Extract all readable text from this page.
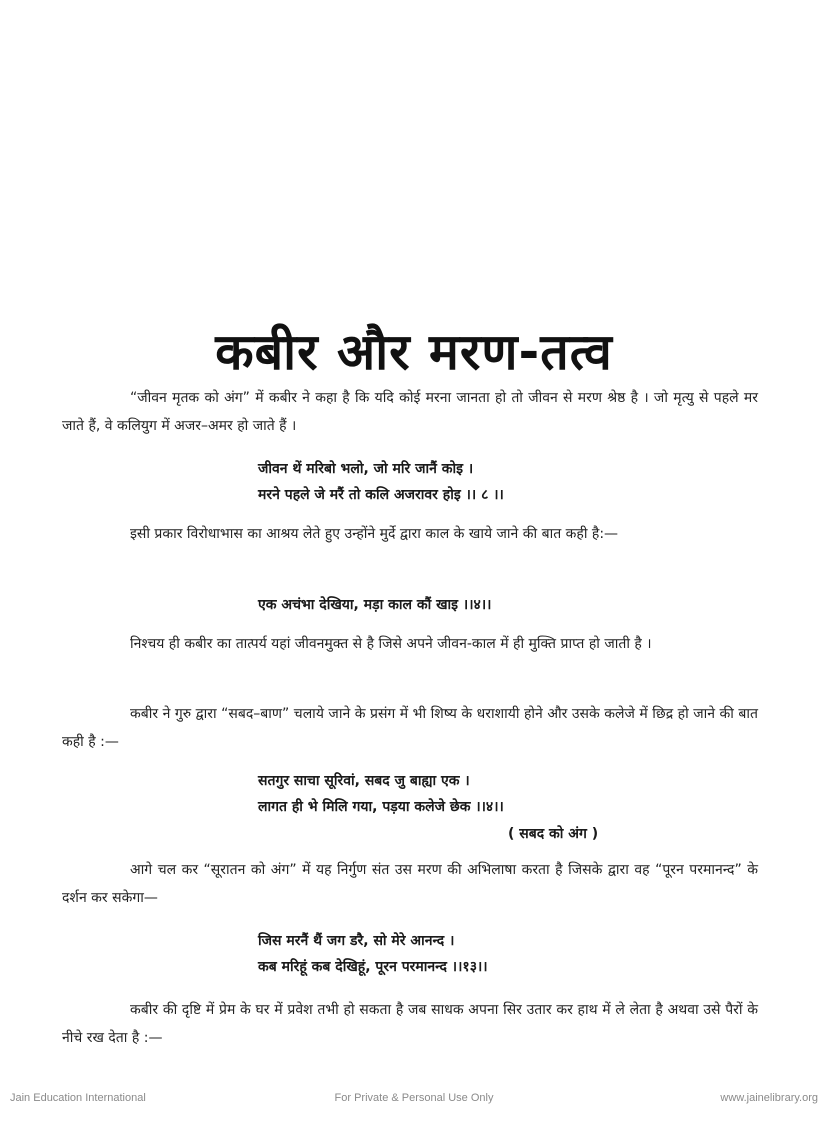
कबीर और मरण-तत्व

“जीवन मृतक को अंग” में कबीर ने कहा है कि यदि कोई मरना जानता हो तो जीवन से मरण श्रेष्ठ है । जो मृत्यु से पहले मर जाते हैं, वे कलियुग में अजर–अमर हो जाते हैं ।

जीवन थें मरिबो भलो, जो मरि जानैं कोइ ।
मरने पहले जे मरैं तो कलि अजरावर होइ ।। ८ ।।

इसी प्रकार विरोधाभास का आश्रय लेते हुए उन्होंने मुर्दे द्वारा काल के खाये जाने की बात कही है:—

एक अचंभा देखिया, मड़ा काल कौं खाइ ।।४।।

निश्चय ही कबीर का तात्पर्य यहां जीवनमुक्त से है जिसे अपने जीवन-काल में ही मुक्ति प्राप्त हो जाती है ।

कबीर ने गुरु द्वारा “सबद–बाण” चलाये जाने के प्रसंग में भी शिष्य के धराशायी होने और उसके कलेजे में छिद्र हो जाने की बात कही है :—

सतगुर साचा सूरिवां, सबद जु बाह्या एक ।
लागत ही भे मिलि गया, पड़या कलेजे छेक ।।४।।
( सबद को अंग )

आगे चल कर “सूरातन को अंग” में यह निर्गुण संत उस मरण की अभिलाषा करता है जिसके द्वारा वह “पूरन परमानन्द” के दर्शन कर सकेगा—

जिस मरनैं थैं जग डरै, सो मेरे आनन्द ।
कब मरिहूं कब देखिहूं, पूरन परमानन्द ।।१३।।

कबीर की दृष्टि में प्रेम के घर में प्रवेश तभी हो सकता है जब साधक अपना सिर उतार कर हाथ में ले लेता है अथवा उसे पैरों के नीचे रख देता है :—

Jain Education International	For Private & Personal Use Only	www.jainelibrary.org
